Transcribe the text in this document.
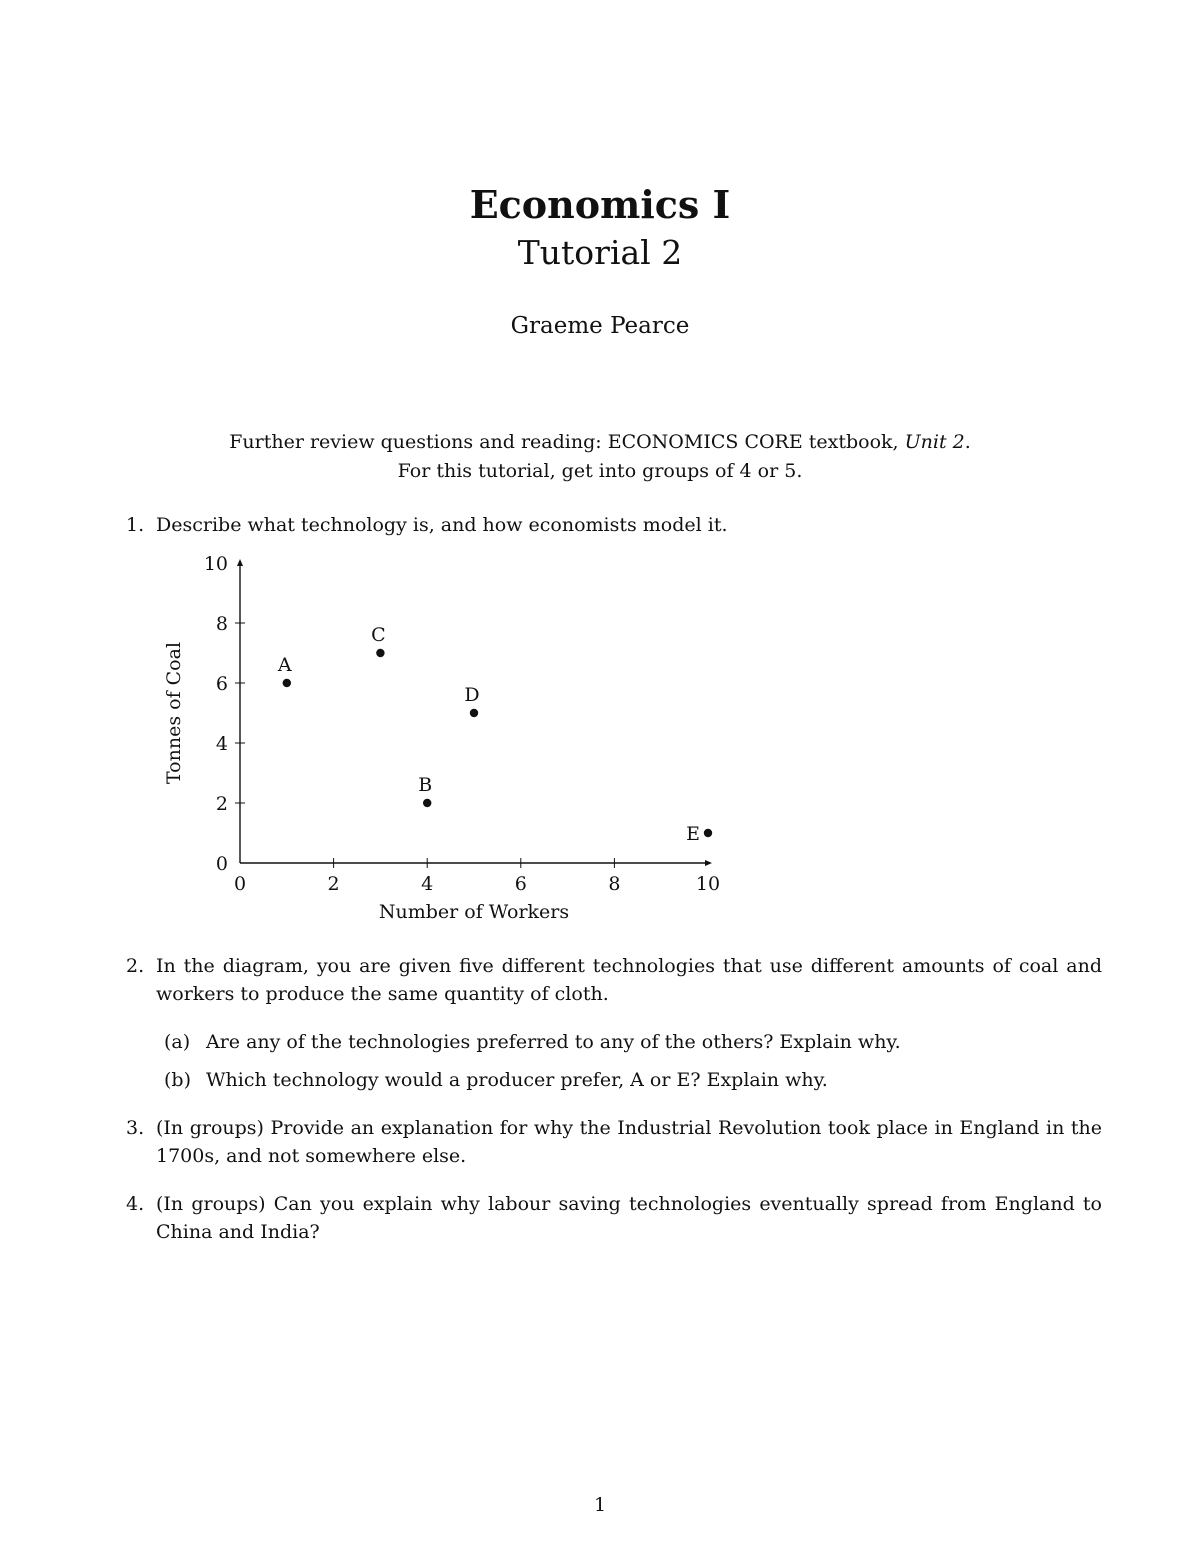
Economics I
Tutorial 2
Graeme Pearce
Further review questions and reading: ECONOMICS CORE textbook, Unit 2.
For this tutorial, get into groups of 4 or 5.
1. Describe what technology is, and how economists model it.
0	2	4	6	8	10
0
2
4
6
8
10
A
B
C
D
E
Number of Workers
Tonnes of Coal
2. In the diagram, you are given five different technologies that use different amounts of coal and workers to produce the same quantity of cloth.
(a) Are any of the technologies preferred to any of the others? Explain why.
(b) Which technology would a producer prefer, A or E? Explain why.
3. (In groups) Provide an explanation for why the Industrial Revolution took place in England in the 1700s, and not somewhere else.
4. (In groups) Can you explain why labour saving technologies eventually spread from England to China and India?
1
